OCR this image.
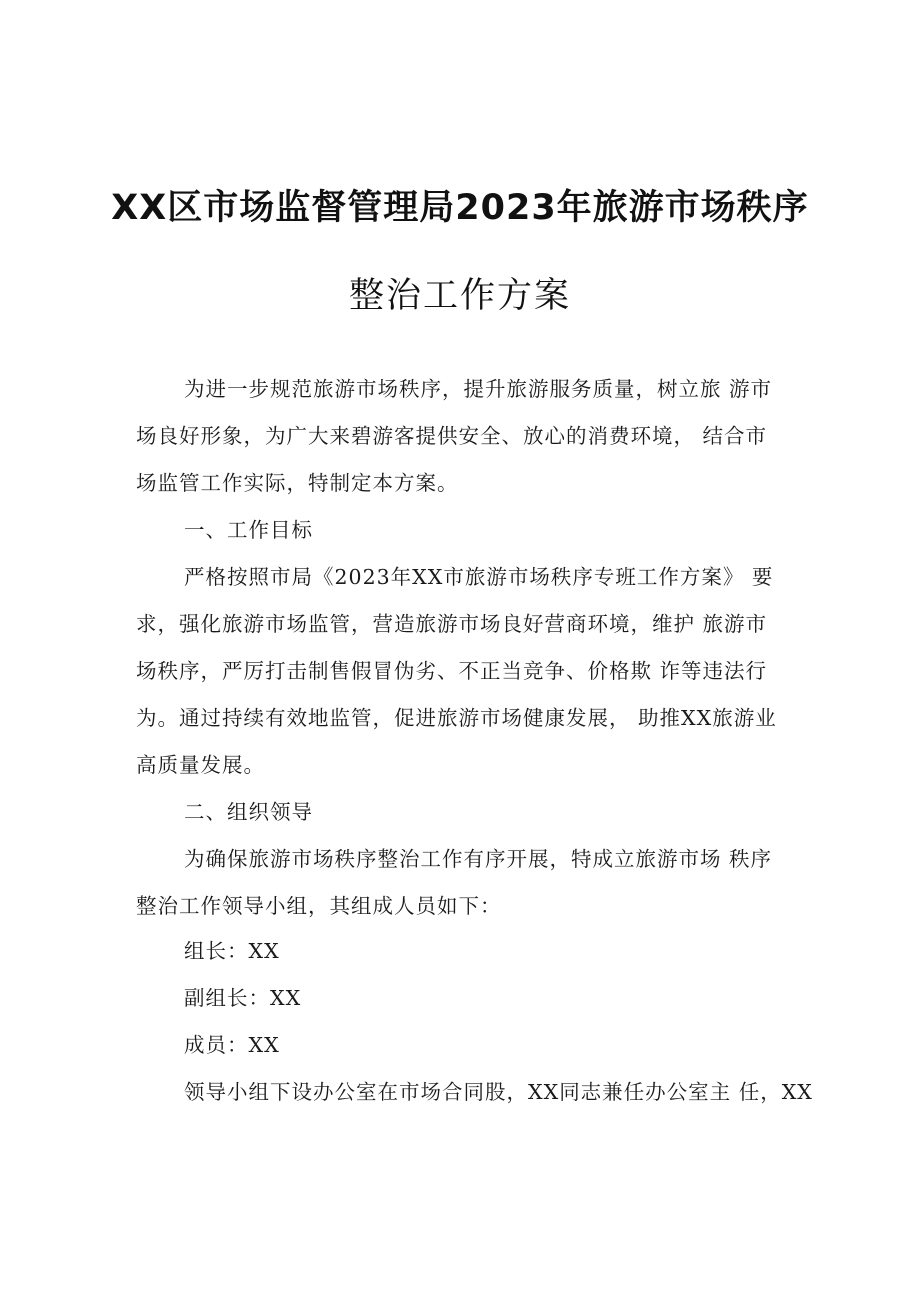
XX区市场监督管理局2023年旅游市场秩序
整治工作方案
为进一步规范旅游市场秩序，提升旅游服务质量，树立旅 游市
场良好形象，为广大来碧游客提供安全、放心的消费环境， 结合市
场监管工作实际，特制定本方案。
一、工作目标
严格按照市局《2023年XX市旅游市场秩序专班工作方案》 要
求，强化旅游市场监管，营造旅游市场良好营商环境，维护 旅游市
场秩序，严厉打击制售假冒伪劣、不正当竞争、价格欺 诈等违法行
为。通过持续有效地监管，促进旅游市场健康发展， 助推XX旅游业
高质量发展。
二、组织领导
为确保旅游市场秩序整治工作有序开展，特成立旅游市场 秩序
整治工作领导小组，其组成人员如下：
组长：XX
副组长：XX
成员：XX
领导小组下设办公室在市场合同股，XX同志兼任办公室主 任，XX
